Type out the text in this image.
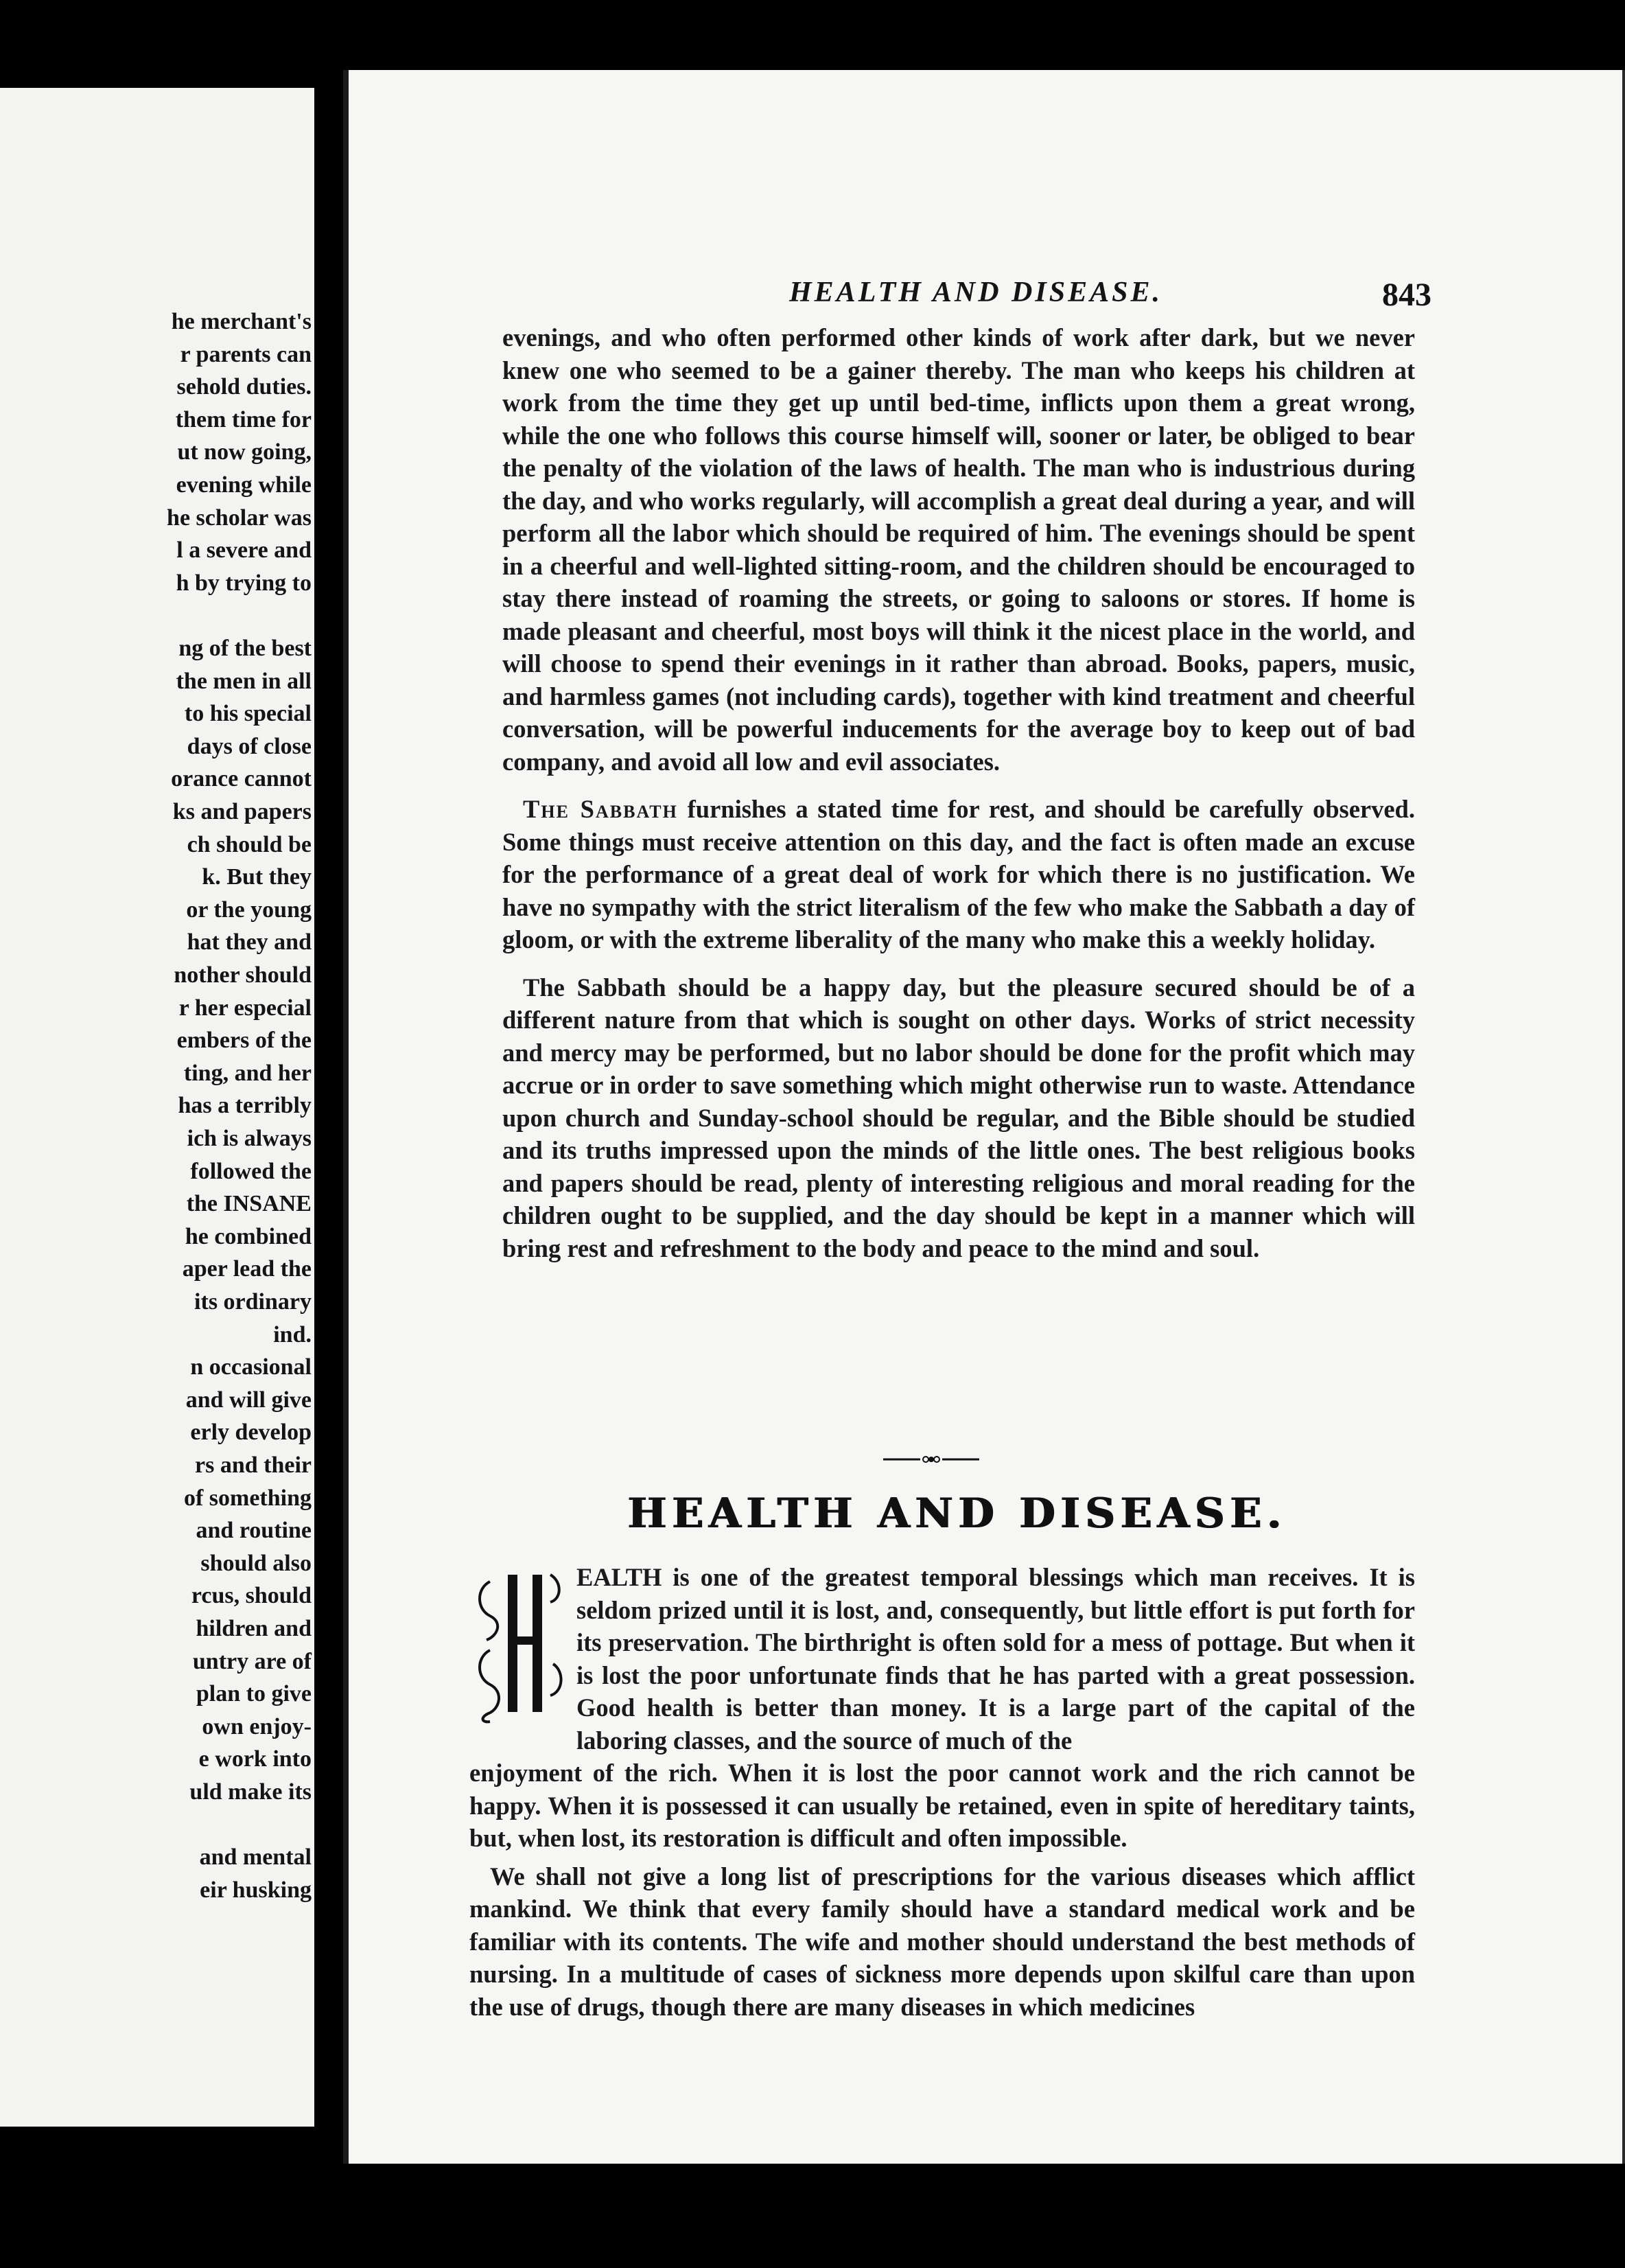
he merchant's
r parents can
sehold duties.
them time for
ut now going,
evening while
he scholar was
l a severe and
h by trying to
ng of the best
the men in all
to his special
days of close
orance cannot
ks and papers
ch should be
k. But they
or the young
hat they and
nother should
r her especial
embers of the
ting, and her
has a terribly
ich is always
followed the
the INSANE
he combined
aper lead the
its ordinary
ind.
n occasional
and will give
erly develop
rs and their
of something
and routine
should also
rcus, should
hildren and
untry are of
plan to give
own enjoy-
e work into
uld make its
and mental
eir husking
HEALTH AND DISEASE.	843

evenings, and who often performed other kinds of work after dark, but we never knew one who seemed to be a gainer thereby. The man who keeps his children at work from the time they get up until bed-time, inflicts upon them a great wrong, while the one who follows this course himself will, sooner or later, be obliged to bear the penalty of the violation of the laws of health. The man who is industrious during the day, and who works regularly, will accomplish a great deal during a year, and will perform all the labor which should be required of him. The evenings should be spent in a cheerful and well-lighted sitting-room, and the children should be encouraged to stay there instead of roaming the streets, or going to saloons or stores. If home is made pleasant and cheerful, most boys will think it the nicest place in the world, and will choose to spend their evenings in it rather than abroad. Books, papers, music, and harmless games (not including cards), together with kind treatment and cheerful conversation, will be powerful inducements for the average boy to keep out of bad company, and avoid all low and evil associates.

The Sabbath furnishes a stated time for rest, and should be carefully observed. Some things must receive attention on this day, and the fact is often made an excuse for the performance of a great deal of work for which there is no justification. We have no sympathy with the strict literalism of the few who make the Sabbath a day of gloom, or with the extreme liberality of the many who make this a weekly holiday.

The Sabbath should be a happy day, but the pleasure secured should be of a different nature from that which is sought on other days. Works of strict necessity and mercy may be performed, but no labor should be done for the profit which may accrue or in order to save something which might otherwise run to waste. Attendance upon church and Sunday-school should be regular, and the Bible should be studied and its truths impressed upon the minds of the little ones. The best religious books and papers should be read, plenty of interesting religious and moral reading for the children ought to be supplied, and the day should be kept in a manner which will bring rest and refreshment to the body and peace to the mind and soul.

HEALTH AND DISEASE.

EALTH is one of the greatest temporal blessings which man receives. It is seldom prized until it is lost, and, consequently, but little effort is put forth for its preservation. The birthright is often sold for a mess of pottage. But when it is lost the poor unfortunate finds that he has parted with a great possession. Good health is better than money. It is a large part of the capital of the laboring classes, and the source of much of the

enjoyment of the rich. When it is lost the poor cannot work and the rich cannot be happy. When it is possessed it can usually be retained, even in spite of hereditary taints, but, when lost, its restoration is difficult and often impossible.

We shall not give a long list of prescriptions for the various diseases which afflict mankind. We think that every family should have a standard medical work and be familiar with its contents. The wife and mother should understand the best methods of nursing. In a multitude of cases of sickness more depends upon skilful care than upon the use of drugs, though there are many diseases in which medicines
